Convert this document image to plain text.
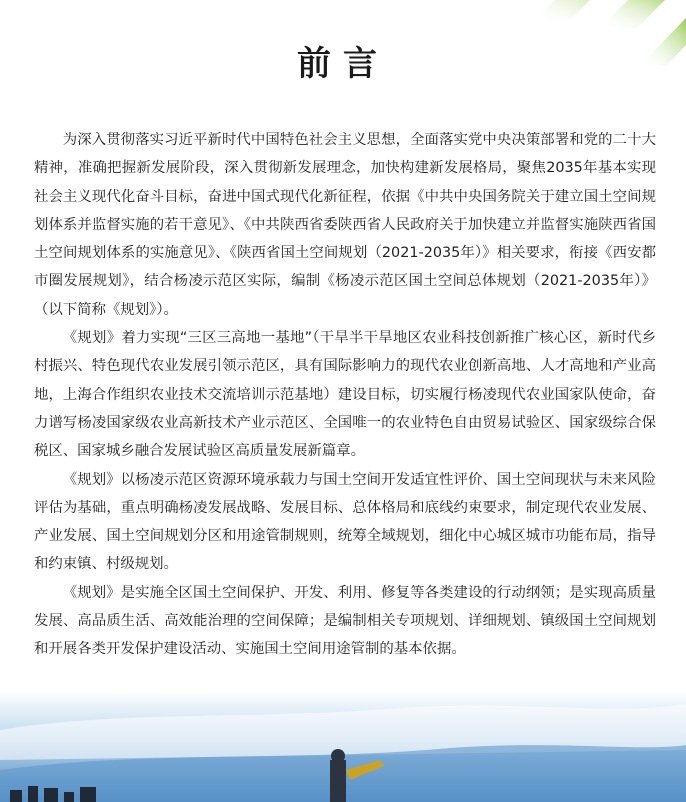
前言

为深入贯彻落实习近平新时代中国特色社会主义思想，全面落实党中央决策部署和党的二十大精神，准确把握新发展阶段，深入贯彻新发展理念，加快构建新发展格局，聚焦2035年基本实现社会主义现代化奋斗目标，奋进中国式现代化新征程，依据《中共中央国务院关于建立国土空间规划体系并监督实施的若干意见》、《中共陕西省委陕西省人民政府关于加快建立并监督实施陕西省国土空间规划体系的实施意见》、《陕西省国土空间规划（2021-2035年）》相关要求，衔接《西安都市圈发展规划》，结合杨凌示范区实际，编制《杨凌示范区国土空间总体规划（2021-2035年）》（以下简称《规划》）。

《规划》着力实现“三区三高地一基地”（干旱半干旱地区农业科技创新推广核心区，新时代乡村振兴、特色现代农业发展引领示范区，具有国际影响力的现代农业创新高地、人才高地和产业高地，上海合作组织农业技术交流培训示范基地）建设目标，切实履行杨凌现代农业国家队使命，奋力谱写杨凌国家级农业高新技术产业示范区、全国唯一的农业特色自由贸易试验区、国家级综合保税区、国家城乡融合发展试验区高质量发展新篇章。

《规划》以杨凌示范区资源环境承载力与国土空间开发适宜性评价、国土空间现状与未来风险评估为基础，重点明确杨凌发展战略、发展目标、总体格局和底线约束要求，制定现代农业发展、产业发展、国土空间规划分区和用途管制规则，统筹全域规划，细化中心城区城市功能布局，指导和约束镇、村级规划。

《规划》是实施全区国土空间保护、开发、利用、修复等各类建设的行动纲领；是实现高质量发展、高品质生活、高效能治理的空间保障；是编制相关专项规划、详细规划、镇级国土空间规划和开展各类开发保护建设活动、实施国土空间用途管制的基本依据。
